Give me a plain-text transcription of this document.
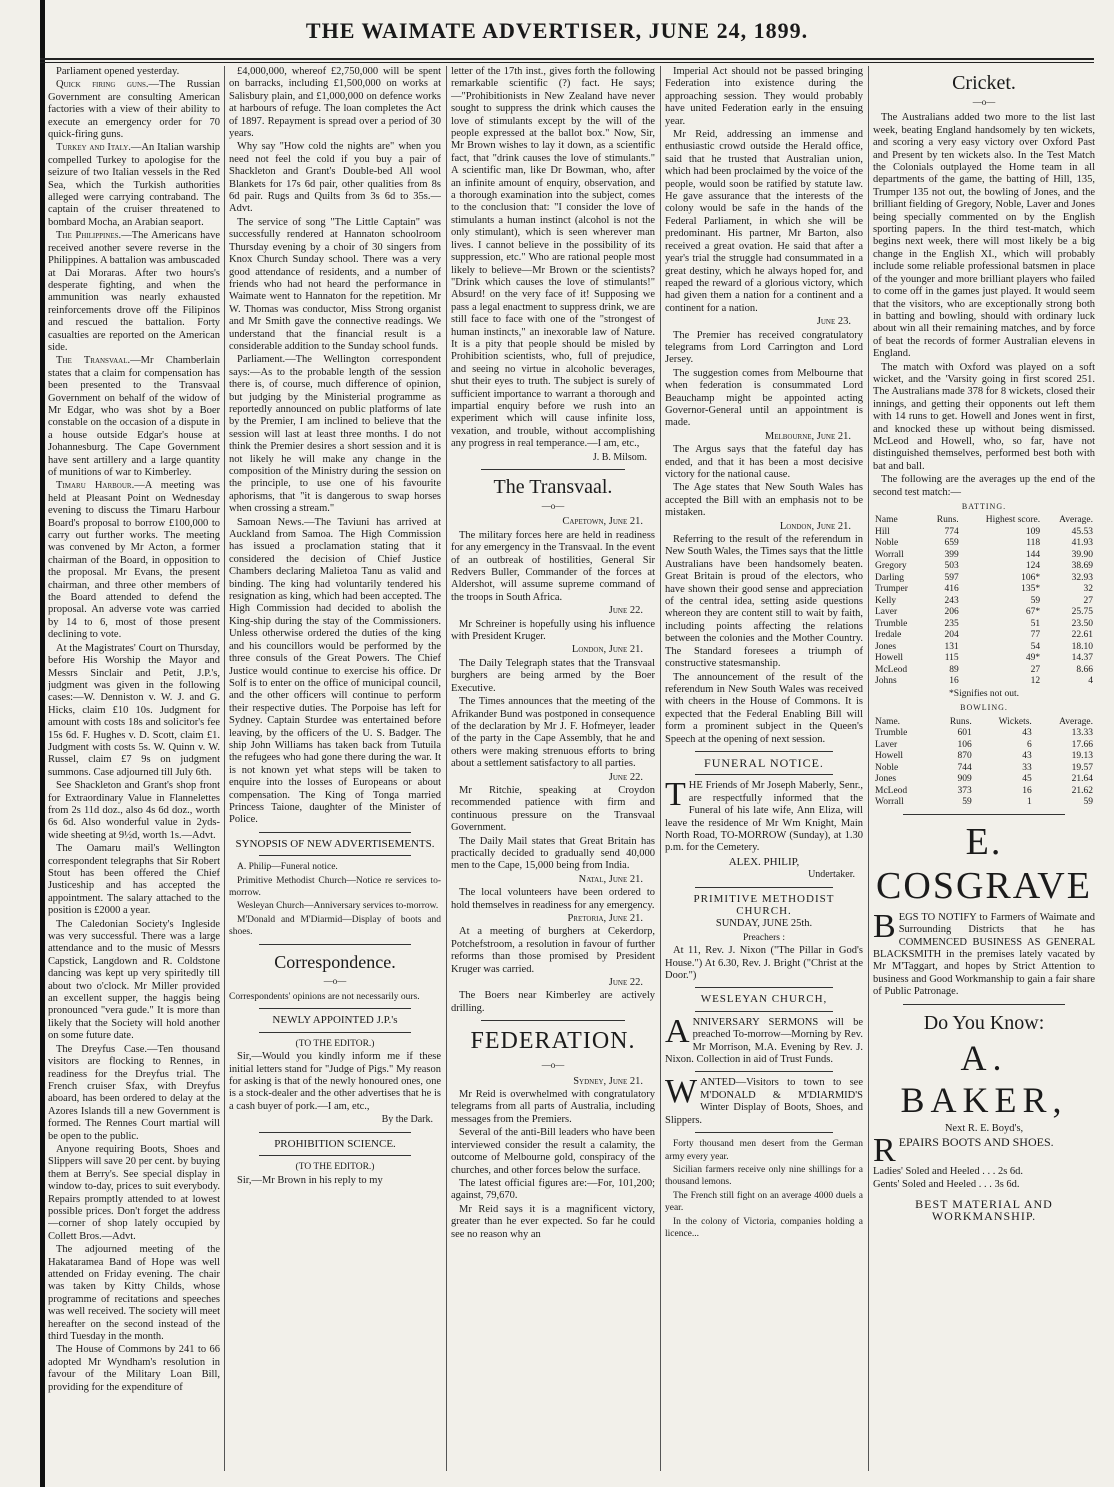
THE WAIMATE ADVERTISER, JUNE 24, 1899.

Parliament opened yesterday.

Quick firing guns.—The Russian Government are consulting American factories with a view of their ability to execute an emergency order for 70 quick-firing guns.

Turkey and Italy.—An Italian warship compelled Turkey to apologise for the seizure of two Italian vessels in the Red Sea, which the Turkish authorities alleged were carrying contraband. The captain of the cruiser threatened to bombard Mocha, an Arabian seaport.

The Philippines.—The Americans have received another severe reverse in the Philippines. A battalion was ambuscaded at Dai Moraras. After two hours's desperate fighting, and when the ammunition was nearly exhausted reinforcements drove off the Filipinos and rescued the battalion. Forty casualties are reported on the American side.

The Transvaal.—Mr Chamberlain states that a claim for compensation has been presented to the Transvaal Government on behalf of the widow of Mr Edgar, who was shot by a Boer constable on the occasion of a dispute in a house outside Edgar's house at Johannesburg. The Cape Government have sent artillery and a large quantity of munitions of war to Kimberley.

Timaru Harbour.—A meeting was held at Pleasant Point on Wednesday evening to discuss the Timaru Harbour Board's proposal to borrow £100,000 to carry out further works. The meeting was convened by Mr Acton, a former chairman of the Board, in opposition to the proposal. Mr Evans, the present chairman, and three other members of the Board attended to defend the proposal. An adverse vote was carried by 14 to 6, most of those present declining to vote.

At the Magistrates' Court on Thursday, before His Worship the Mayor and Messrs Sinclair and Petit, J.P.'s, judgment was given in the following cases:—W. Denniston v. W. J. and G. Hicks, claim £10 10s. Judgment for amount with costs 18s and solicitor's fee 15s 6d. F. Hughes v. D. Scott, claim £1. Judgment with costs 5s. W. Quinn v. W. Russel, claim £7 9s on judgment summons. Case adjourned till July 6th.

See Shackleton and Grant's shop front for Extraordinary Value in Flannelettes from 2s 11d doz., also 4s 6d doz., worth 6s 6d. Also wonderful value in 2yds-wide sheeting at 9½d, worth 1s.—Advt.

The Oamaru mail's Wellington correspondent telegraphs that Sir Robert Stout has been offered the Chief Justiceship and has accepted the appointment. The salary attached to the position is £2000 a year.

The Caledonian Society's Ingleside was very successful. There was a large attendance and to the music of Messrs Capstick, Langdown and R. Coldstone dancing was kept up very spiritedly till about two o'clock. Mr Miller provided an excellent supper, the haggis being pronounced "vera gude." It is more than likely that the Society will hold another on some future date.

The Dreyfus Case.—Ten thousand visitors are flocking to Rennes, in readiness for the Dreyfus trial. The French cruiser Sfax, with Dreyfus aboard, has been ordered to delay at the Azores Islands till a new Government is formed. The Rennes Court martial will be open to the public.

Anyone requiring Boots, Shoes and Slippers will save 20 per cent. by buying them at Berry's. See special display in window to-day, prices to suit everybody. Repairs promptly attended to at lowest possible prices. Don't forget the address—corner of shop lately occupied by Collett Bros.—Advt.

The adjourned meeting of the Hakataramea Band of Hope was well attended on Friday evening. The chair was taken by Kitty Childs, whose programme of recitations and speeches was well received. The society will meet hereafter on the second instead of the third Tuesday in the month.

The House of Commons by 241 to 66 adopted Mr Wyndham's resolution in favour of the Military Loan Bill, providing for the expenditure of

£4,000,000, whereof £2,750,000 will be spent on barracks, including £1,500,000 on works at Salisbury plain, and £1,000,000 on defence works at harbours of refuge. The loan completes the Act of 1897. Repayment is spread over a period of 30 years.

Why say "How cold the nights are" when you need not feel the cold if you buy a pair of Shackleton and Grant's Double-bed All wool Blankets for 17s 6d pair, other qualities from 8s 6d pair. Rugs and Quilts from 3s 6d to 35s.—Advt.

The service of song "The Little Captain" was successfully rendered at Hannaton schoolroom Thursday evening by a choir of 30 singers from Knox Church Sunday school. There was a very good attendance of residents, and a number of friends who had not heard the performance in Waimate went to Hannaton for the repetition. Mr W. Thomas was conductor, Miss Strong organist and Mr Smith gave the connective readings. We understand that the financial result is a considerable addition to the Sunday school funds.

Parliament.—The Wellington correspondent says:—As to the probable length of the session there is, of course, much difference of opinion, but judging by the Ministerial programme as reportedly announced on public platforms of late by the Premier, I am inclined to believe that the session will last at least three months. I do not think the Premier desires a short session and it is not likely he will make any change in the composition of the Ministry during the session on the principle, to use one of his favourite aphorisms, that "it is dangerous to swap horses when crossing a stream."

Samoan News.—The Taviuni has arrived at Auckland from Samoa. The High Commission has issued a proclamation stating that it considered the decision of Chief Justice Chambers declaring Malietoa Tanu as valid and binding. The king had voluntarily tendered his resignation as king, which had been accepted. The High Commission had decided to abolish the King-ship during the stay of the Commissioners. Unless otherwise ordered the duties of the king and his councillors would be performed by the three consuls of the Great Powers. The Chief Justice would continue to exercise his office. Dr Solf is to enter on the office of municipal council, and the other officers will continue to perform their respective duties. The Porpoise has left for Sydney. Captain Sturdee was entertained before leaving, by the officers of the U. S. Badger. The ship John Williams has taken back from Tutuila the refugees who had gone there during the war. It is not known yet what steps will be taken to enquire into the losses of Europeans or about compensation. The King of Tonga married Princess Taione, daughter of the Minister of Police.

SYNOPSIS OF NEW ADVERTISEMENTS.

A. Philip—Funeral notice.

Primitive Methodist Church—Notice re services to-morrow.

Wesleyan Church—Anniversary services to-morrow.

M'Donald and M'Diarmid—Display of boots and shoes.

Correspondence.
—o—

Correspondents' opinions are not necessarily ours.

NEWLY APPOINTED J.P.'s

(TO THE EDITOR.)

Sir,—Would you kindly inform me if these initial letters stand for "Judge of Pigs." My reason for asking is that of the newly honoured ones, one is a stock-dealer and the other advertises that he is a cash buyer of pork.—I am, etc.,

By the Dark.

PROHIBITION SCIENCE.

(TO THE EDITOR.)

Sir,—Mr Brown in his reply to my

letter of the 17th inst., gives forth the following remarkable scientific (?) fact. He says;—"Prohibitionists in New Zealand have never sought to suppress the drink which causes the love of stimulants except by the will of the people expressed at the ballot box." Now, Sir, Mr Brown wishes to lay it down, as a scientific fact, that "drink causes the love of stimulants." A scientific man, like Dr Bowman, who, after an infinite amount of enquiry, observation, and a thorough examination into the subject, comes to the conclusion that: "I consider the love of stimulants a human instinct (alcohol is not the only stimulant), which is seen wherever man lives. I cannot believe in the possibility of its suppression, etc." Who are rational people most likely to believe—Mr Brown or the scientists? "Drink which causes the love of stimulants!" Absurd! on the very face of it! Supposing we pass a legal enactment to suppress drink, we are still face to face with one of the "strongest of human instincts," an inexorable law of Nature. It is a pity that people should be misled by Prohibition scientists, who, full of prejudice, and seeing no virtue in alcoholic beverages, shut their eyes to truth. The subject is surely of sufficient importance to warrant a thorough and impartial enquiry before we rush into an experiment which will cause infinite loss, vexation, and trouble, without accomplishing any progress in real temperance.—I am, etc.,

J. B. Milsom.

The Transvaal.
—o—

Capetown, June 21.

The military forces here are held in readiness for any emergency in the Transvaal. In the event of an outbreak of hostilities, General Sir Redvers Buller, Commander of the forces at Aldershot, will assume supreme command of the troops in South Africa.

June 22.

Mr Schreiner is hopefully using his influence with President Kruger.

London, June 21.

The Daily Telegraph states that the Transvaal burghers are being armed by the Boer Executive.

The Times announces that the meeting of the Afrikander Bund was postponed in consequence of the declaration by Mr J. F. Hofmeyer, leader of the party in the Cape Assembly, that he and others were making strenuous efforts to bring about a settlement satisfactory to all parties.

June 22.

Mr Ritchie, speaking at Croydon recommended patience with firm and continuous pressure on the Transvaal Government.

The Daily Mail states that Great Britain has practically decided to gradually send 40,000 men to the Cape, 15,000 being from India.

Natal, June 21.

The local volunteers have been ordered to hold themselves in readiness for any emergency.

Pretoria, June 21.

At a meeting of burghers at Cekerdorp, Potchefstroom, a resolution in favour of further reforms than those promised by President Kruger was carried.

June 22.

The Boers near Kimberley are actively drilling.

FEDERATION.
—o—

Sydney, June 21.

Mr Reid is overwhelmed with congratulatory telegrams from all parts of Australia, including messages from the Premiers.

Several of the anti-Bill leaders who have been interviewed consider the result a calamity, the outcome of Melbourne gold, conspiracy of the churches, and other forces below the surface.

The latest official figures are:—For, 101,200; against, 79,670.

Mr Reid says it is a magnificent victory, greater than he ever expected. So far he could see no reason why an

Imperial Act should not be passed bringing Federation into existence during the approaching session. They would probably have united Federation early in the ensuing year.

Mr Reid, addressing an immense and enthusiastic crowd outside the Herald office, said that he trusted that Australian union, which had been proclaimed by the voice of the people, would soon be ratified by statute law. He gave assurance that the interests of the colony would be safe in the hands of the Federal Parliament, in which she will be predominant. His partner, Mr Barton, also received a great ovation. He said that after a year's trial the struggle had consummated in a great destiny, which he always hoped for, and reaped the reward of a glorious victory, which had given them a nation for a continent and a continent for a nation.

June 23.

The Premier has received congratulatory telegrams from Lord Carrington and Lord Jersey.

The suggestion comes from Melbourne that when federation is consummated Lord Beauchamp might be appointed acting Governor-General until an appointment is made.

Melbourne, June 21.

The Argus says that the fateful day has ended, and that it has been a most decisive victory for the national cause.

The Age states that New South Wales has accepted the Bill with an emphasis not to be mistaken.

London, June 21.

Referring to the result of the referendum in New South Wales, the Times says that the little Australians have been handsomely beaten. Great Britain is proud of the electors, who have shown their good sense and appreciation of the central idea, setting aside questions whereon they are content still to wait by faith, including points affecting the relations between the colonies and the Mother Country. The Standard foresees a triumph of constructive statesmanship.

The announcement of the result of the referendum in New South Wales was received with cheers in the House of Commons. It is expected that the Federal Enabling Bill will form a prominent subject in the Queen's Speech at the opening of next session.

FUNERAL NOTICE.

T HE Friends of Mr Joseph Maberly, Senr., are respectfully informed that the Funeral of his late wife, Ann Eliza, will leave the residence of Mr Wm Knight, Main North Road, TO-MORROW (Sunday), at 1.30 p.m. for the Cemetery.

ALEX. PHILIP,

Undertaker.

PRIMITIVE METHODIST CHURCH.

SUNDAY, JUNE 25th.

Preachers :

At 11, Rev. J. Nixon ("The Pillar in God's House.") At 6.30, Rev. J. Bright ("Christ at the Door.")

WESLEYAN CHURCH,

A NNIVERSARY SERMONS will be preached To-morrow—Morning by Rev. Mr Morrison, M.A. Evening by Rev. J. Nixon. Collection in aid of Trust Funds.

W ANTED—Visitors to town to see M'DONALD & M'DIARMID'S Winter Display of Boots, Shoes, and Slippers.

Forty thousand men desert from the German army every year.

Sicilian farmers receive only nine shillings for a thousand lemons.

The French still fight on an average 4000 duels a year.

In the colony of Victoria, companies holding a licence...

Cricket.
—o—

The Australians added two more to the list last week, beating England handsomely by ten wickets, and scoring a very easy victory over Oxford Past and Present by ten wickets also. In the Test Match the Colonials outplayed the Home team in all departments of the game, the batting of Hill, 135, Trumper 135 not out, the bowling of Jones, and the brilliant fielding of Gregory, Noble, Laver and Jones being specially commented on by the English sporting papers. In the third test-match, which begins next week, there will most likely be a big change in the English XI., which will probably include some reliable professional batsmen in place of the younger and more brilliant players who failed to come off in the games just played. It would seem that the visitors, who are exceptionally strong both in batting and bowling, should with ordinary luck about win all their remaining matches, and by force of beat the records of former Australian elevens in England.

The match with Oxford was played on a soft wicket, and the 'Varsity going in first scored 251. The Australians made 378 for 8 wickets, closed their innings, and getting their opponents out left them with 14 runs to get. Howell and Jones went in first, and knocked these up without being dismissed. McLeod and Howell, who, so far, have not distinguished themselves, performed best both with bat and ball.

The following are the averages up the end of the second test match:—

BATTING.
Name	Runs.	Highest score.	Average.
Hill	774	109	45.53
Noble	659	118	41.93
Worrall	399	144	39.90
Gregory	503	124	38.69
Darling	597	106*	32.93
Trumper	416	135*	32
Kelly	243	59	27
Laver	206	67*	25.75
Trumble	235	51	23.50
Iredale	204	77	22.61
Jones	131	54	18.10
Howell	115	49*	14.37
McLeod	89	27	8.66
Johns	16	12	4

*Signifies not out.

BOWLING.
Name.	Runs.	Wickets.	Average.
Trumble	601	43	13.33
Laver	106	6	17.66
Howell	870	43	19.13
Noble	744	33	19.57
Jones	909	45	21.64
McLeod	373	16	21.62
Worrall	59	1	59
E. COSGRAVE

B EGS TO NOTIFY to Farmers of Waimate and Surrounding Districts that he has COMMENCED BUSINESS AS GENERAL BLACKSMITH in the premises lately vacated by Mr M'Taggart, and hopes by Strict Attention to business and Good Workmanship to gain a fair share of Public Patronage.

Do You Know:
A. BAKER,

Next R. E. Boyd's,

R EPAIRS BOOTS AND SHOES.

Ladies' Soled and Heeled . . . 2s 6d.

Gents' Soled and Heeled . . . 3s 6d.

BEST MATERIAL AND WORKMANSHIP.
